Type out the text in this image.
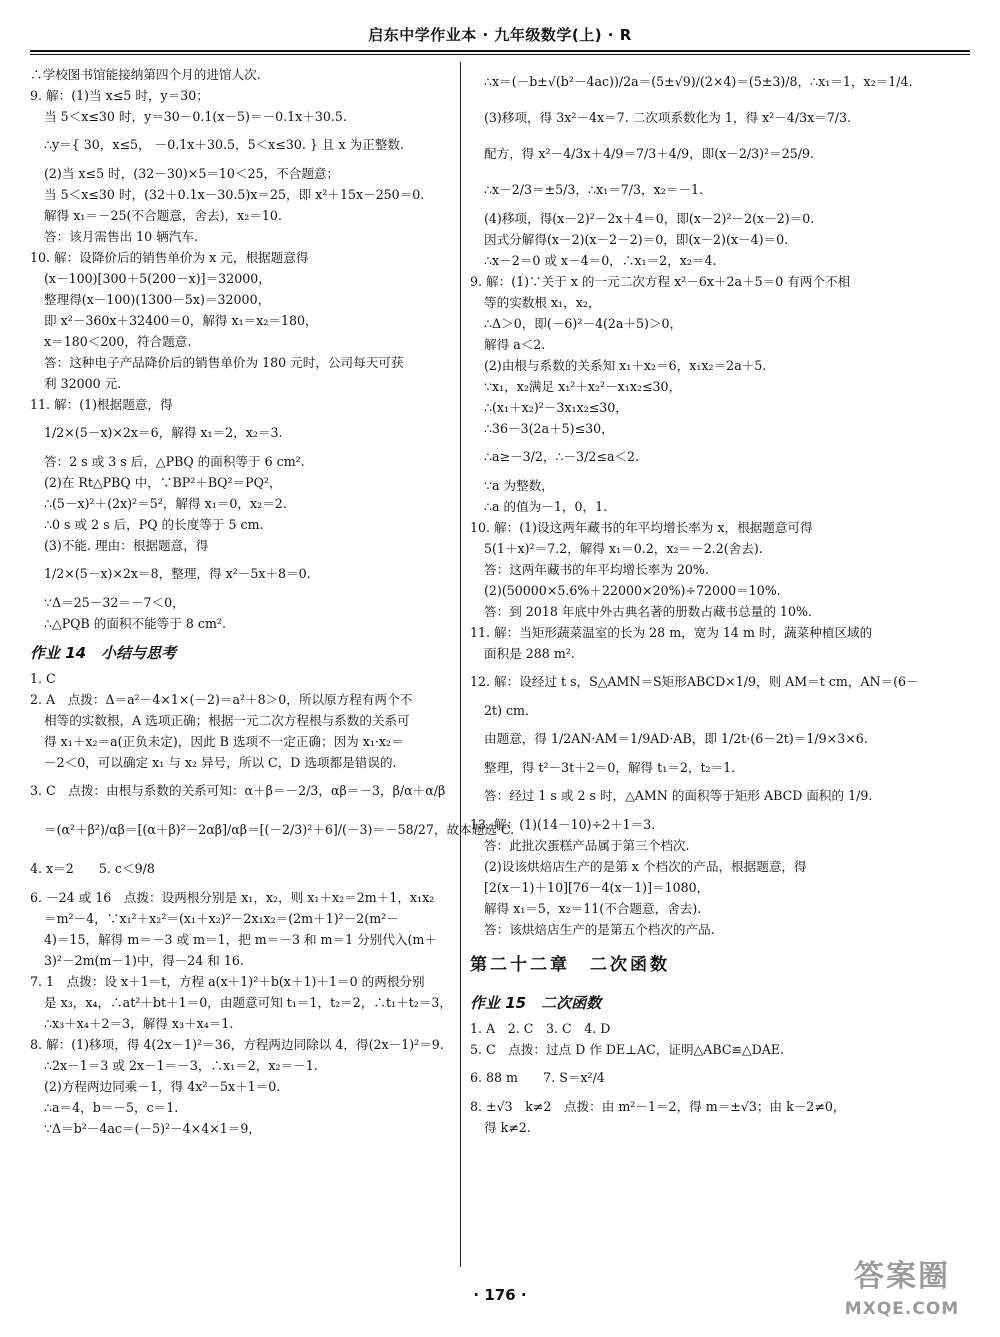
启东中学作业本 · 九年级数学(上) · R
∴学校图书馆能接纳第四个月的进馆人次.
9. 解：(1)当 x≤5 时，y＝30；
当 5＜x≤30 时，y＝30－0.1(x－5)＝－0.1x＋30.5.
∴y＝{ 30，x≤5， －0.1x＋30.5，5＜x≤30. } 且 x 为正整数.
(2)当 x≤5 时，(32－30)×5＝10＜25，不合题意；
当 5＜x≤30 时，(32＋0.1x－30.5)x＝25，即 x²＋15x－250＝0.
解得 x₁＝－25(不合题意，舍去)，x₂＝10.
答：该月需售出 10 辆汽车.
10. 解：设降价后的销售单价为 x 元，根据题意得
(x－100)[300＋5(200－x)]＝32000，
整理得(x－100)(1300－5x)＝32000，
即 x²－360x＋32400＝0，解得 x₁＝x₂＝180，
x＝180＜200，符合题意.
答：这种电子产品降价后的销售单价为 180 元时，公司每天可获
利 32000 元.
11. 解：(1)根据题意，得
1/2×(5－x)×2x＝6，解得 x₁＝2，x₂＝3.
答：2 s 或 3 s 后，△PBQ 的面积等于 6 cm².
(2)在 Rt△PBQ 中，∵BP²＋BQ²＝PQ²，
∴(5－x)²＋(2x)²＝5²，解得 x₁＝0，x₂＝2.
∴0 s 或 2 s 后，PQ 的长度等于 5 cm.
(3)不能. 理由：根据题意，得
1/2×(5－x)×2x＝8，整理，得 x²－5x＋8＝0.
∵Δ＝25－32＝－7＜0，
∴△PQB 的面积不能等于 8 cm².
作业 14　小结与思考
1. C
2. A　点拨：Δ＝a²－4×1×(－2)＝a²＋8＞0，所以原方程有两个不
相等的实数根，A 选项正确；根据一元二次方程根与系数的关系可
得 x₁＋x₂＝a(正负未定)，因此 B 选项不一定正确；因为 x₁·x₂＝
－2＜0，可以确定 x₁ 与 x₂ 异号，所以 C，D 选项都是错误的.
3. C　点拨：由根与系数的关系可知：α＋β＝－2/3，αβ＝－3，β/α＋α/β
＝(α²＋β²)/αβ＝[(α＋β)²－2αβ]/αβ＝[(－2/3)²＋6]/(－3)＝－58/27，故本题选 C.
4. x＝2　　5. c＜9/8
6. －24 或 16　点拨：设两根分别是 x₁，x₂，则 x₁＋x₂＝2m＋1，x₁x₂
＝m²－4，∵x₁²＋x₂²＝(x₁＋x₂)²－2x₁x₂＝(2m＋1)²－2(m²－
4)＝15，解得 m＝－3 或 m＝1，把 m＝－3 和 m＝1 分别代入(m＋
3)²－2m(m－1)中，得－24 和 16.
7. 1　点拨：设 x＋1＝t，方程 a(x＋1)²＋b(x＋1)＋1＝0 的两根分别
是 x₃，x₄，∴at²＋bt＋1＝0，由题意可知 t₁＝1，t₂＝2，∴t₁＋t₂＝3，
∴x₃＋x₄＋2＝3，解得 x₃＋x₄＝1.
8. 解：(1)移项，得 4(2x－1)²＝36，方程两边同除以 4，得(2x－1)²＝9.
∴2x－1＝3 或 2x－1＝－3，∴x₁＝2，x₂＝－1.
(2)方程两边同乘－1，得 4x²－5x＋1＝0.
∴a＝4，b＝－5，c＝1.
∵Δ＝b²－4ac＝(－5)²－4×4×1＝9，
∴x＝(－b±√(b²－4ac))/2a＝(5±√9)/(2×4)＝(5±3)/8，∴x₁＝1，x₂＝1/4.
(3)移项，得 3x²－4x＝7. 二次项系数化为 1，得 x²－4/3x＝7/3.
配方，得 x²－4/3x＋4/9＝7/3＋4/9，即(x－2/3)²＝25/9.
∴x－2/3＝±5/3，∴x₁＝7/3，x₂＝－1.
(4)移项，得(x－2)²－2x＋4＝0，即(x－2)²－2(x－2)＝0.
因式分解得(x－2)(x－2－2)＝0，即(x－2)(x－4)＝0.
∴x－2＝0 或 x－4＝0，∴x₁＝2，x₂＝4.
9. 解：(1)∵关于 x 的一元二次方程 x²－6x＋2a＋5＝0 有两个不相
等的实数根 x₁，x₂，
∴Δ＞0，即(－6)²－4(2a＋5)＞0，
解得 a＜2.
(2)由根与系数的关系知 x₁＋x₂＝6，x₁x₂＝2a＋5.
∵x₁，x₂满足 x₁²＋x₂²－x₁x₂≤30，
∴(x₁＋x₂)²－3x₁x₂≤30，
∴36－3(2a＋5)≤30，
∴a≥－3/2，∴－3/2≤a＜2.
∵a 为整数，
∴a 的值为－1，0，1.
10. 解：(1)设这两年藏书的年平均增长率为 x，根据题意可得
5(1＋x)²＝7.2，解得 x₁＝0.2，x₂＝－2.2(舍去).
答：这两年藏书的年平均增长率为 20%.
(2)(50000×5.6%＋22000×20%)÷72000＝10%.
答：到 2018 年底中外古典名著的册数占藏书总量的 10%.
11. 解：当矩形蔬菜温室的长为 28 m，宽为 14 m 时，蔬菜种植区域的
面积是 288 m².
12. 解：设经过 t s，S△AMN＝S矩形ABCD×1/9，则 AM＝t cm，AN＝(6－
2t) cm.
由题意，得 1/2AN·AM＝1/9AD·AB，即 1/2t·(6－2t)＝1/9×3×6.
整理，得 t²－3t＋2＝0，解得 t₁＝2，t₂＝1.
答：经过 1 s 或 2 s 时，△AMN 的面积等于矩形 ABCD 面积的 1/9.
13. 解：(1)(14－10)÷2＋1＝3.
答：此批次蛋糕产品属于第三个档次.
(2)设该烘焙店生产的是第 x 个档次的产品，根据题意，得
[2(x－1)＋10][76－4(x－1)]＝1080，
解得 x₁＝5，x₂＝11(不合题意，舍去).
答：该烘焙店生产的是第五个档次的产品.
第二十二章　二次函数
作业 15　二次函数
1. A　2. C　3. C　4. D
5. C　点拨：过点 D 作 DE⊥AC，证明△ABC≌△DAE.
6. 88 m　　7. S＝x²/4
8. ±√3　k≠2　点拨：由 m²－1＝2，得 m＝±√3；由 k－2≠0，
得 k≠2.
· 176 ·
答案圈
MXQE.COM
